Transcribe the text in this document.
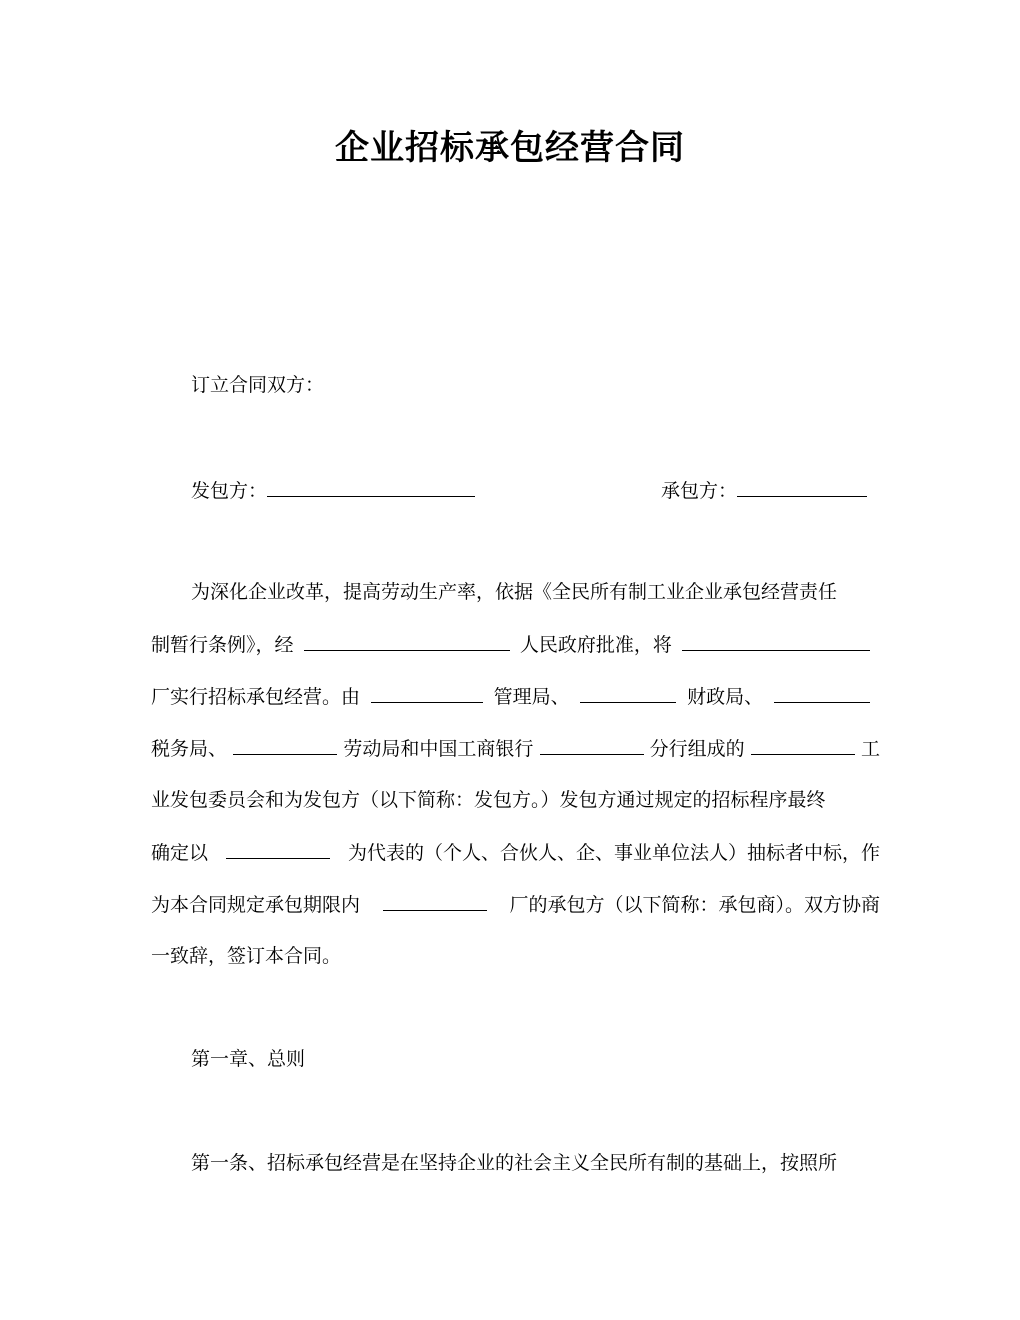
企业招标承包经营合同
订立合同双方：
发包方：	承包方：
为深化企业改革，提高劳动生产率，依据《全民所有制工业企业承包经营责任
制暂行条例》，经	人民政府批准，将
厂实行招标承包经营。由	管理局、	财政局、
税务局、	劳动局和中国工商银行	分行组成的	工
业发包委员会和为发包方（以下简称：发包方。）发包方通过规定的招标程序最终
确定以	为代表的（个人、合伙人、企、事业单位法人）抽标者中标，作
为本合同规定承包期限内	厂的承包方（以下简称：承包商）。双方协商
一致辞，签订本合同。
第一章、总则
第一条、招标承包经营是在坚持企业的社会主义全民所有制的基础上，按照所
